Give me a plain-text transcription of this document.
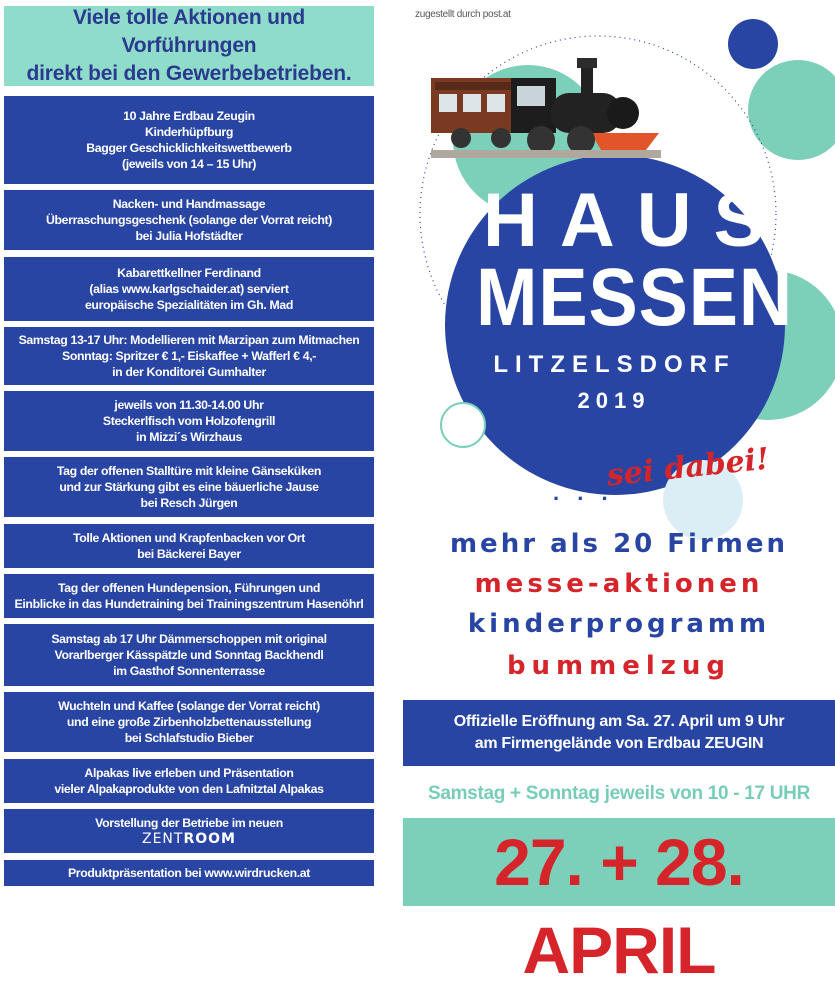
Viele tolle Aktionen und Vorführungen
direkt bei den Gewerbebetrieben.
10 Jahre Erdbau Zeugin
Kinderhüpfburg
Bagger Geschicklichkeitswettbewerb
(jeweils von 14 – 15 Uhr)
Nacken- und Handmassage
Überraschungsgeschenk (solange der Vorrat reicht)
bei Julia Hofstädter
Kabarettkellner Ferdinand
(alias www.karlgschaider.at) serviert
europäische Spezialitäten im Gh. Mad
Samstag 13-17 Uhr: Modellieren mit Marzipan zum Mitmachen
Sonntag: Spritzer € 1,- Eiskaffee + Wafferl € 4,-
in der Konditorei Gumhalter
jeweils von 11.30-14.00 Uhr
Steckerlfisch vom Holzofengrill
in Mizzi´s Wirzhaus
Tag der offenen Stalltüre mit kleine Gänseküken
und zur Stärkung gibt es eine bäuerliche Jause
bei Resch Jürgen
Tolle Aktionen und Krapfenbacken vor Ort
bei Bäckerei Bayer
Tag der offenen Hundepension, Führungen und
Einblicke in das Hundetraining bei Trainingszentrum Hasenöhrl
Samstag ab 17 Uhr Dämmerschoppen mit original
Vorarlberger Kässpätzle und Sonntag Backhendl
im Gasthof Sonnenterrasse
Wuchteln und Kaffee (solange der Vorrat reicht)
und eine große Zirbenholzbettenausstellung
bei Schlafstudio Bieber
Alpakas live erleben und Präsentation
vieler Alpakaprodukte von den Lafnitztal Alpakas
Vorstellung der Betriebe im neuen
ZENTROOM
Produktpräsentation bei www.wirdrucken.at
zugestellt durch post.at
HAUS
MESSEN
LITZELSDORF
2019
. . .
sei dabei!
mehr als 20 Firmen
messe-aktionen
kinderprogramm
bummelzug
Offizielle Eröffnung am Sa. 27. April um 9 Uhr
am Firmengelände von Erdbau ZEUGIN
Samstag + Sonntag jeweils von 10 - 17 UHR
27. + 28. APRIL
